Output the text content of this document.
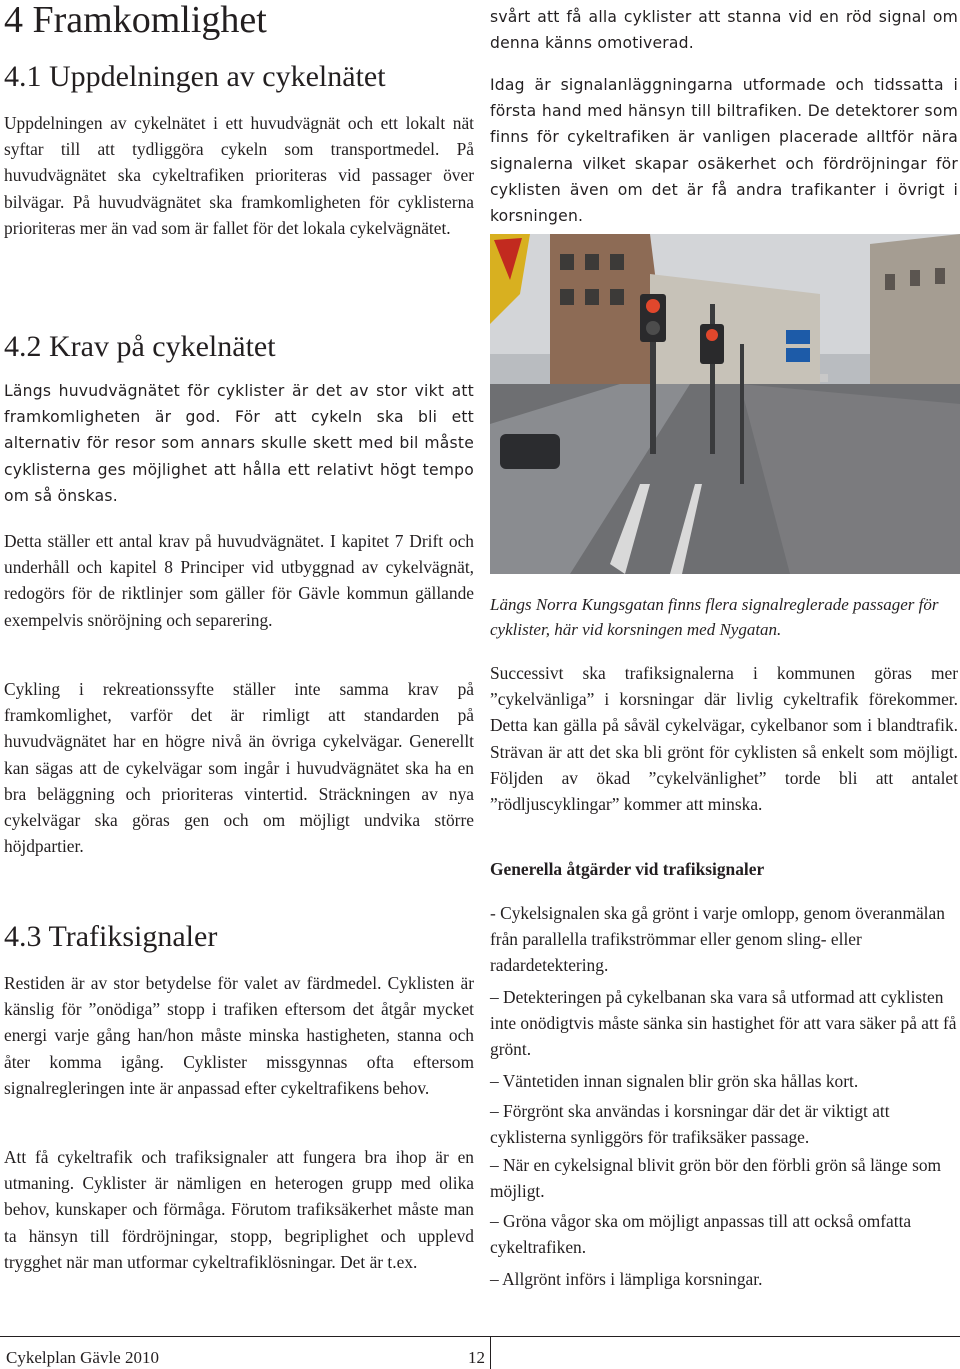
4 Framkomlighet
4.1 Uppdelningen av cykelnätet

Uppdelningen av cykelnätet i ett huvudvägnät och ett lokalt nät syftar till att tydliggöra cykeln som transportmedel. På huvudvägnätet ska cykeltrafiken prioriteras vid passager över bilvägar. På huvudvägnätet ska framkomligheten för cyklisterna prioriteras mer än vad som är fallet för det lokala cykelvägnätet.

4.2 Krav på cykelnätet

Längs huvudvägnätet för cyklister är det av stor vikt att framkomligheten är god. För att cykeln ska bli ett alternativ för resor som annars skulle skett med bil måste cyklisterna ges möjlighet att hålla ett relativt högt tempo om så önskas.

Detta ställer ett antal krav på huvudvägnätet. I kapitet 7 Drift och underhåll och kapitel 8 Principer vid utbyggnad av cykelvägnät, redogörs för de riktlinjer som gäller för Gävle kommun gällande exempelvis snöröjning och separering.

Cykling i rekreationssyfte ställer inte samma krav på framkomlighet, varför det är rimligt att standarden på huvudvägnätet har en högre nivå än övriga cykelvägar. Generellt kan sägas att de cykelvägar som ingår i huvudvägnätet ska ha en bra beläggning och prioriteras vintertid. Sträckningen av nya cykelvägar ska göras gen och om möjligt undvika större höjdpartier.

4.3 Trafiksignaler

Restiden är av stor betydelse för valet av färdmedel. Cyklisten är känslig för ”onödiga” stopp i trafiken eftersom det åtgår mycket energi varje gång han/hon måste minska hastigheten, stanna och åter komma igång. Cyklister missgynnas ofta eftersom signalregleringen inte är anpassad efter cykeltrafikens behov.

Att få cykeltrafik och trafiksignaler att fungera bra ihop är en utmaning. Cyklister är nämligen en heterogen grupp med olika behov, kunskaper och förmåga. Förutom trafiksäkerhet måste man ta hänsyn till fördröjningar, stopp, begriplighet och upplevd trygghet när man utformar cykeltrafiklösningar. Det är t.ex.

svårt att få alla cyklister att stanna vid en röd signal om denna känns omotiverad.

Idag är signalanläggningarna utformade och tidssatta i första hand med hänsyn till biltrafiken. De detektorer som finns för cykeltrafiken är vanligen placerade alltför nära signalerna vilket skapar osäkerhet och fördröjningar för cyklisten även om det är få andra trafikanter i övrigt i korsningen.

Längs Norra Kungsgatan finns flera signalreglerade passager för cyklister, här vid korsningen med Nygatan.

Successivt ska trafiksignalerna i kommunen göras mer ”cykelvänliga” i korsningar där livlig cykeltrafik förekommer. Detta kan gälla på såväl cykelvägar, cykelbanor som i blandtrafik. Strävan är att det ska bli grönt för cyklisten så enkelt som möjligt. Följden av ökad ”cykelvänlighet” torde bli att antalet ”rödljuscyklingar” kommer att minska.

Generella åtgärder vid trafiksignaler

- Cykelsignalen ska gå grönt i varje omlopp, genom överanmälan från parallella trafikströmmar eller genom sling- eller radardetektering.

– Detekteringen på cykelbanan ska vara så utformad att cyklisten inte onödigtvis måste sänka sin hastighet för att vara säker på att få grönt.

– Väntetiden innan signalen blir grön ska hållas kort.

– Förgrönt ska användas i korsningar där det är viktigt att cyklisterna synliggörs för trafiksäker passage.

– När en cykelsignal blivit grön bör den förbli grön så länge som möjligt.

– Gröna vågor ska om möjligt anpassas till att också omfatta cykeltrafiken.

– Allgrönt införs i lämpliga korsningar.

Cykelplan Gävle 2010	12
